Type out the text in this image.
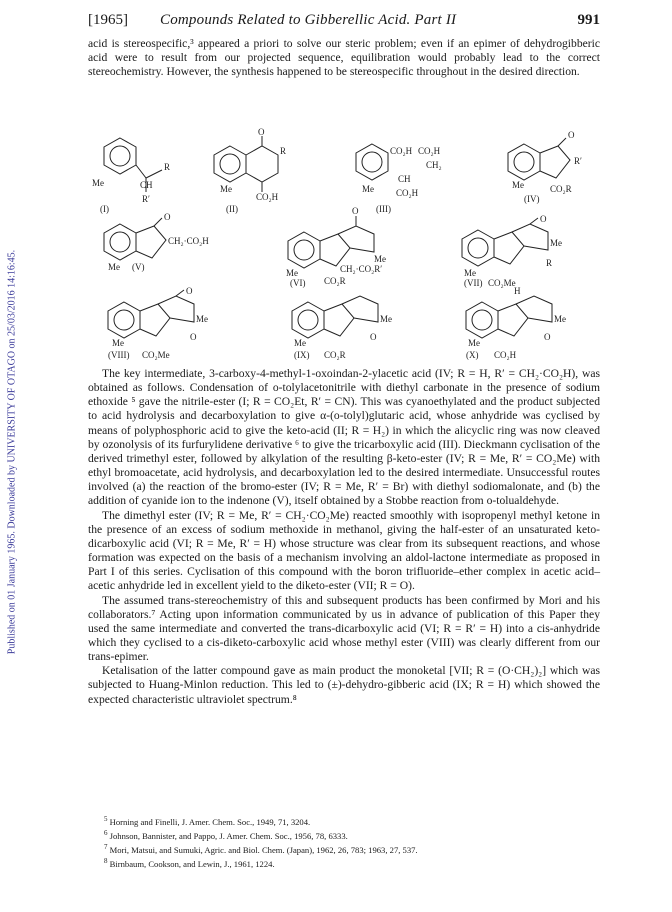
[1965] Compounds Related to Gibberellic Acid. Part II	991
Published on 01 January 1965. Downloaded by UNIVERSITY OF OTAGO on 25/03/2016 14:16:45.

acid is stereospecific,³ appeared a priori to solve our steric problem; even if an epimer of dehydrogibberic acid were to result from our projected sequence, equilibration would probably lead to the correct stereochemistry. However, the synthesis happened to be stereospecific throughout in the desired direction.

R
CH
R′
Me
(I)
O
R
CO₂H
Me
(II)
CO₂H CO₂H
CH₂
CH
CO₂H
Me
(III)
O
R′
CO₂R
Me
(IV)
O
CH₂·CO₂H
Me (V)
O
Me
CH₂·CO₂R′
CO₂R
Me
(VI)
O
Me
R
Me
(VII) CO₂Me
O
Me
O
Me
(VIII) CO₂Me
Me
O
Me
(IX) CO₂R
H
Me
O
Me
(X) CO₂H

The key intermediate, 3-carboxy-4-methyl-1-oxoindan-2-ylacetic acid (IV; R = H, R′ = CH₂·CO₂H), was obtained as follows. Condensation of o-tolylacetonitrile with diethyl carbonate in the presence of sodium ethoxide ⁵ gave the nitrile-ester (I; R = CO₂Et, R′ = CN). This was cyanoethylated and the product subjected to acid hydrolysis and decarboxylation to give α-(o-tolyl)glutaric acid, whose anhydride was cyclised by means of polyphosphoric acid to give the keto-acid (II; R = H₂) in which the alicyclic ring was now cleaved by ozonolysis of its furfurylidene derivative ⁶ to give the tricarboxylic acid (III). Dieckmann cyclisation of the derived trimethyl ester, followed by alkylation of the resulting β-keto-ester (IV; R = Me, R′ = CO₂Me) with ethyl bromoacetate, acid hydrolysis, and decarboxylation led to the desired intermediate. Unsuccessful routes involved (a) the reaction of the bromo-ester (IV; R = Me, R′ = Br) with diethyl sodiomalonate, and (b) the addition of cyanide ion to the indenone (V), itself obtained by a Stobbe reaction from o-tolualdehyde.

The dimethyl ester (IV; R = Me, R′ = CH₂·CO₂Me) reacted smoothly with isopropenyl methyl ketone in the presence of an excess of sodium methoxide in methanol, giving the half-ester of an unsaturated keto-dicarboxylic acid (VI; R = Me, R′ = H) whose structure was clear from its subsequent reactions, and whose formation was expected on the basis of a mechanism involving an aldol-lactone intermediate as proposed in Part I of this series. Cyclisation of this compound with the boron trifluoride–ether complex in acetic acid–acetic anhydride led in excellent yield to the diketo-ester (VII; R = O).

The assumed trans-stereochemistry of this and subsequent products has been confirmed by Mori and his collaborators.⁷ Acting upon information communicated by us in advance of publication of this Paper they used the same intermediate and converted the trans-dicarboxylic acid (VI; R = R′ = H) into a cis-anhydride which they cyclised to a cis-diketo-carboxylic acid whose methyl ester (VIII) was clearly different from our trans-epimer.

Ketalisation of the latter compound gave as main product the monoketal [VII; R = (O·CH₂)₂] which was subjected to Huang-Minlon reduction. This led to (±)-dehydro-gibberic acid (IX; R = H) which showed the expected characteristic ultraviolet spectrum.⁸

$^5$ Horning and Finelli, J. Amer. Chem. Soc., 1949, 71, 3204.

$^6$ Johnson, Bannister, and Pappo, J. Amer. Chem. Soc., 1956, 78, 6333.

$^7$ Mori, Matsui, and Sumuki, Agric. and Biol. Chem. (Japan), 1962, 26, 783; 1963, 27, 537.

$^8$ Birnbaum, Cookson, and Lewin, J., 1961, 1224.
